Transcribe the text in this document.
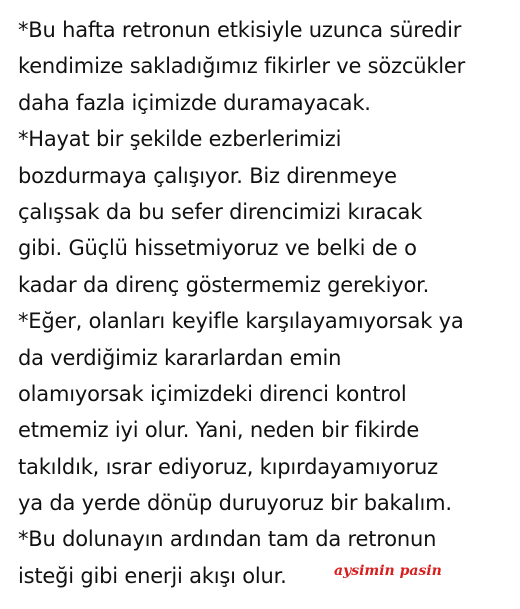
*Bu hafta retronun etkisiyle uzunca süredir
kendimize sakladığımız fikirler ve sözcükler
daha fazla içimizde duramayacak.
*Hayat bir şekilde ezberlerimizi
bozdurmaya çalışıyor. Biz direnmeye
çalışsak da bu sefer direncimizi kıracak
gibi. Güçlü hissetmiyoruz ve belki de o
kadar da direnç göstermemiz gerekiyor.
*Eğer, olanları keyifle karşılayamıyorsak ya
da verdiğimiz kararlardan emin
olamıyorsak içimizdeki direnci kontrol
etmemiz iyi olur. Yani, neden bir fikirde
takıldık, ısrar ediyoruz, kıpırdayamıyoruz
ya da yerde dönüp duruyoruz bir bakalım.
*Bu dolunayın ardından tam da retronun
isteği gibi enerji akışı olur.	aysimin pasin
